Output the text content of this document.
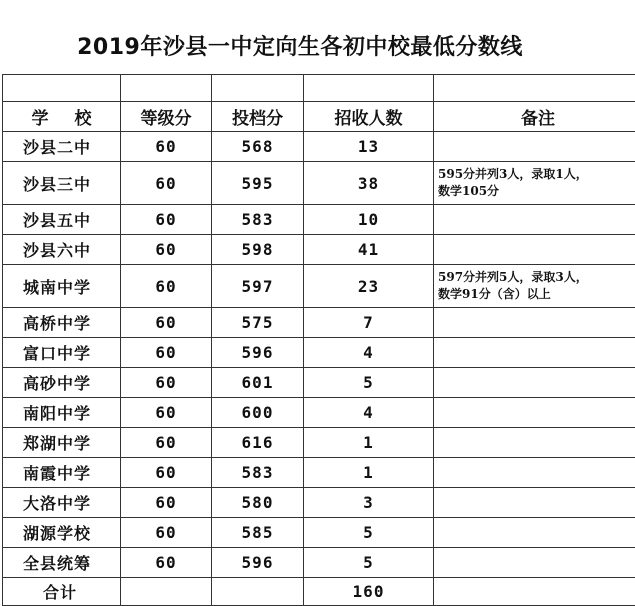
2019年沙县一中定向生各初中校最低分数线

学校	等级分	投档分	招收人数	备注
沙县二中	60	568	13	

沙县三中	60	595	38	595分并列3人，录取1人，
数学105分

沙县五中	60	583	10	

沙县六中	60	598	41	

城南中学	60	597	23	597分并列5人，录取3人，
数学91分（含）以上

高桥中学	60	575	7	

富口中学	60	596	4	

高砂中学	60	601	5	

南阳中学	60	600	4	

郑湖中学	60	616	1	

南霞中学	60	583	1	

大洛中学	60	580	3	

湖源学校	60	585	5	

全县统筹	60	596	5	

合计			160	
